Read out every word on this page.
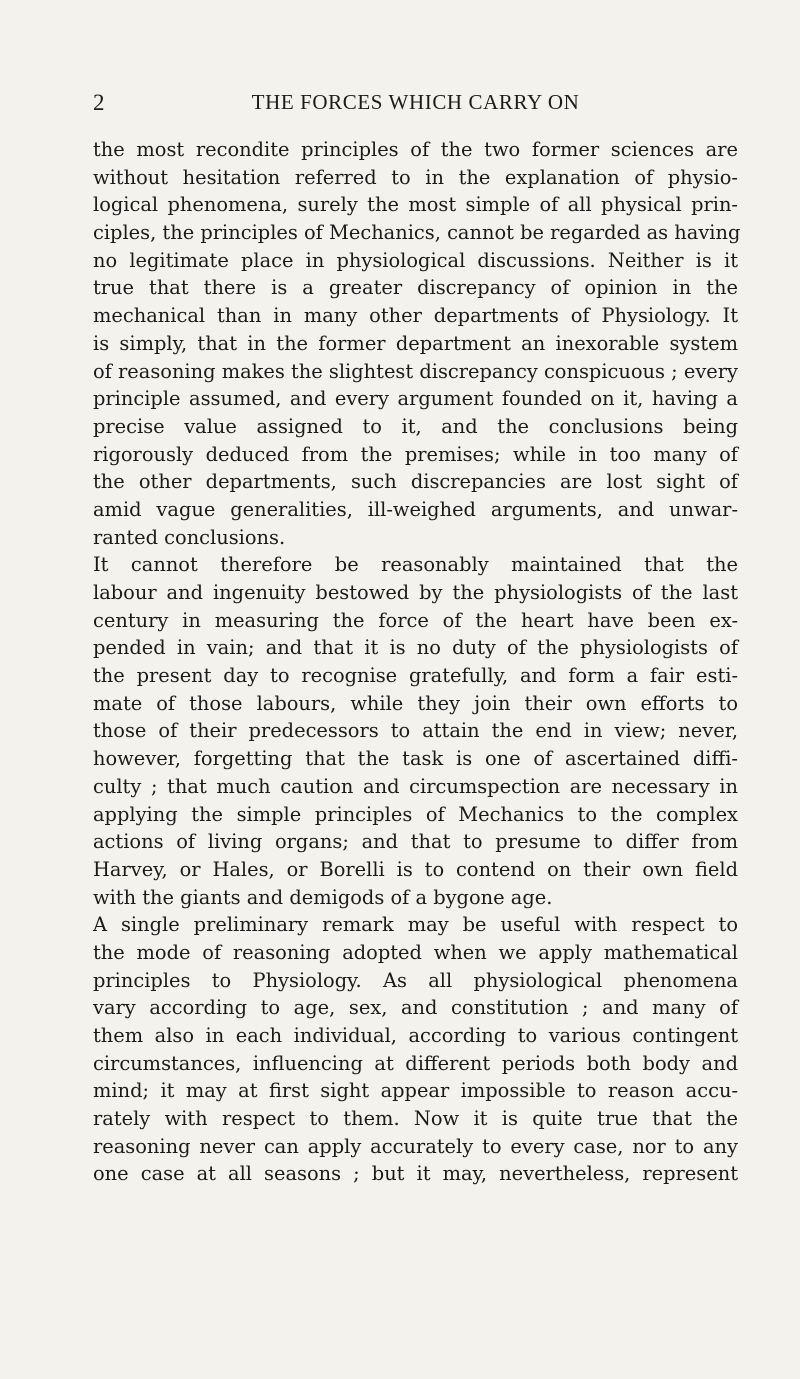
2	THE FORCES WHICH CARRY ON
the most recondite principles of the two former sciences are
without hesitation referred to in the explanation of physio-
logical phenomena, surely the most simple of all physical prin-
ciples, the principles of Mechanics, cannot be regarded as having
no legitimate place in physiological discussions. Neither is it
true that there is a greater discrepancy of opinion in the
mechanical than in many other departments of Physiology. It
is simply, that in the former department an inexorable system
of reasoning makes the slightest discrepancy conspicuous ; every
principle assumed, and every argument founded on it, having a
precise value assigned to it, and the conclusions being
rigorously deduced from the premises; while in too many of
the other departments, such discrepancies are lost sight of
amid vague generalities, ill-weighed arguments, and unwar-
ranted conclusions.
It cannot therefore be reasonably maintained that the
labour and ingenuity bestowed by the physiologists of the last
century in measuring the force of the heart have been ex-
pended in vain; and that it is no duty of the physiologists of
the present day to recognise gratefully, and form a fair esti-
mate of those labours, while they join their own efforts to
those of their predecessors to attain the end in view; never,
however, forgetting that the task is one of ascertained diffi-
culty ; that much caution and circumspection are necessary in
applying the simple principles of Mechanics to the complex
actions of living organs; and that to presume to differ from
Harvey, or Hales, or Borelli is to contend on their own field
with the giants and demigods of a bygone age.
A single preliminary remark may be useful with respect to
the mode of reasoning adopted when we apply mathematical
principles to Physiology. As all physiological phenomena
vary according to age, sex, and constitution ; and many of
them also in each individual, according to various contingent
circumstances, influencing at different periods both body and
mind; it may at first sight appear impossible to reason accu-
rately with respect to them. Now it is quite true that the
reasoning never can apply accurately to every case, nor to any
one case at all seasons ; but it may, nevertheless, represent
